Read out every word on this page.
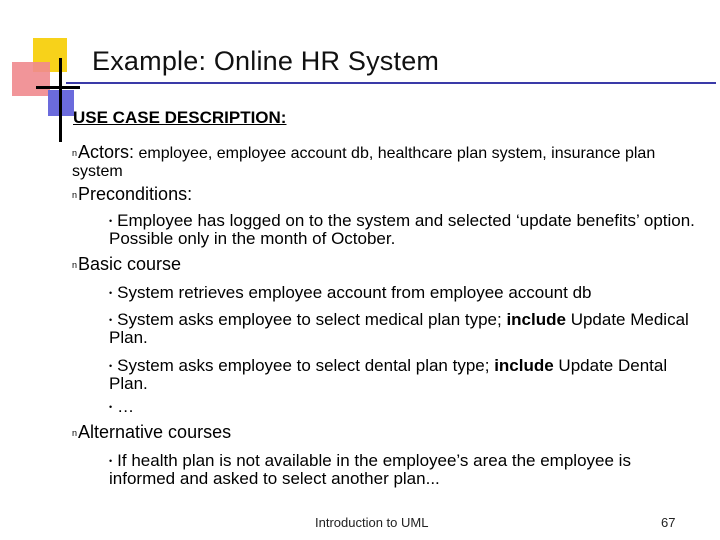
Example: Online HR System
USE CASE DESCRIPTION:
nActors: employee, employee account db, healthcare plan system, insurance plan system
nPreconditions:
• Employee has logged on to the system and selected ‘update benefits’ option. Possible only in the month of October.
nBasic course
• System retrieves employee account from employee account db
• System asks employee to select medical plan type; include Update Medical Plan.
• System asks employee to select dental plan type; include Update Dental Plan.
• …
nAlternative courses
• If health plan is not available in the employee’s area the employee is informed and asked to select another plan...
Introduction to UML	67
